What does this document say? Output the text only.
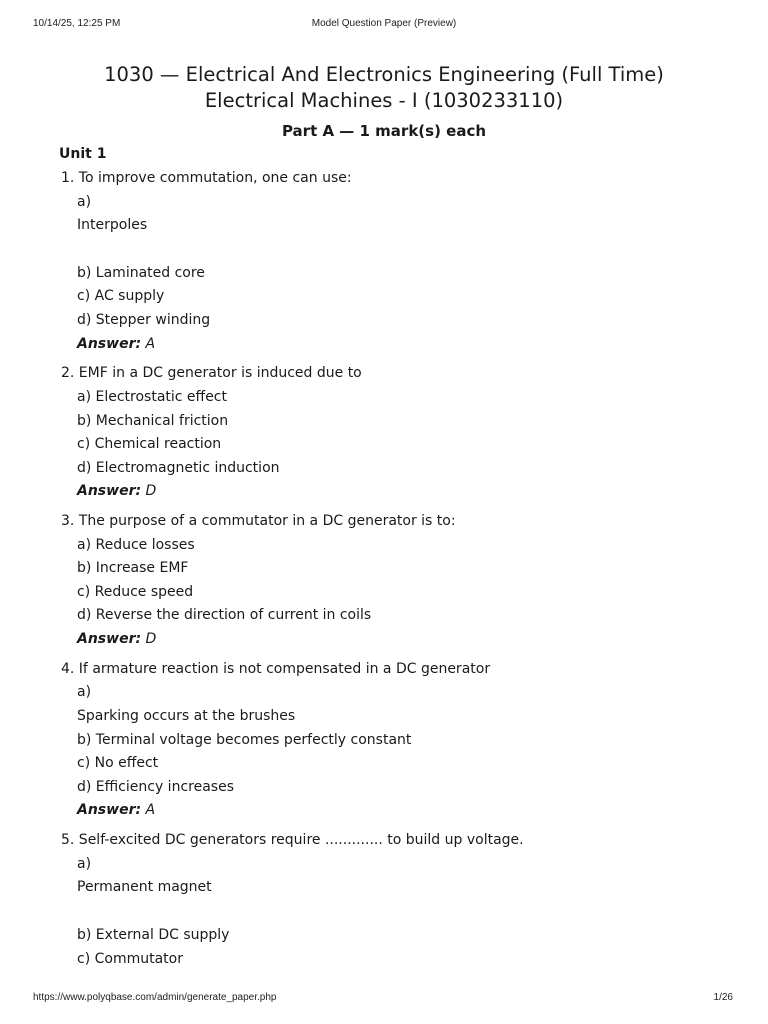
10/14/25, 12:25 PM	Model Question Paper (Preview)
1030 — Electrical And Electronics Engineering (Full Time)
Electrical Machines - I (1030233110)
Part A — 1 mark(s) each
Unit 1
1. To improve commutation, one can use:
a)
Interpoles
b) Laminated core
c) AC supply
d) Stepper winding
Answer: A
2. EMF in a DC generator is induced due to
a) Electrostatic effect
b) Mechanical friction
c) Chemical reaction
d) Electromagnetic induction
Answer: D
3. The purpose of a commutator in a DC generator is to:
a) Reduce losses
b) Increase EMF
c) Reduce speed
d) Reverse the direction of current in coils
Answer: D
4. If armature reaction is not compensated in a DC generator
a)
Sparking occurs at the brushes
b) Terminal voltage becomes perfectly constant
c) No effect
d) Efficiency increases
Answer: A
5. Self-excited DC generators require ............. to build up voltage.
a)
Permanent magnet
b) External DC supply
c) Commutator
https://www.polyqbase.com/admin/generate_paper.php	1/26
